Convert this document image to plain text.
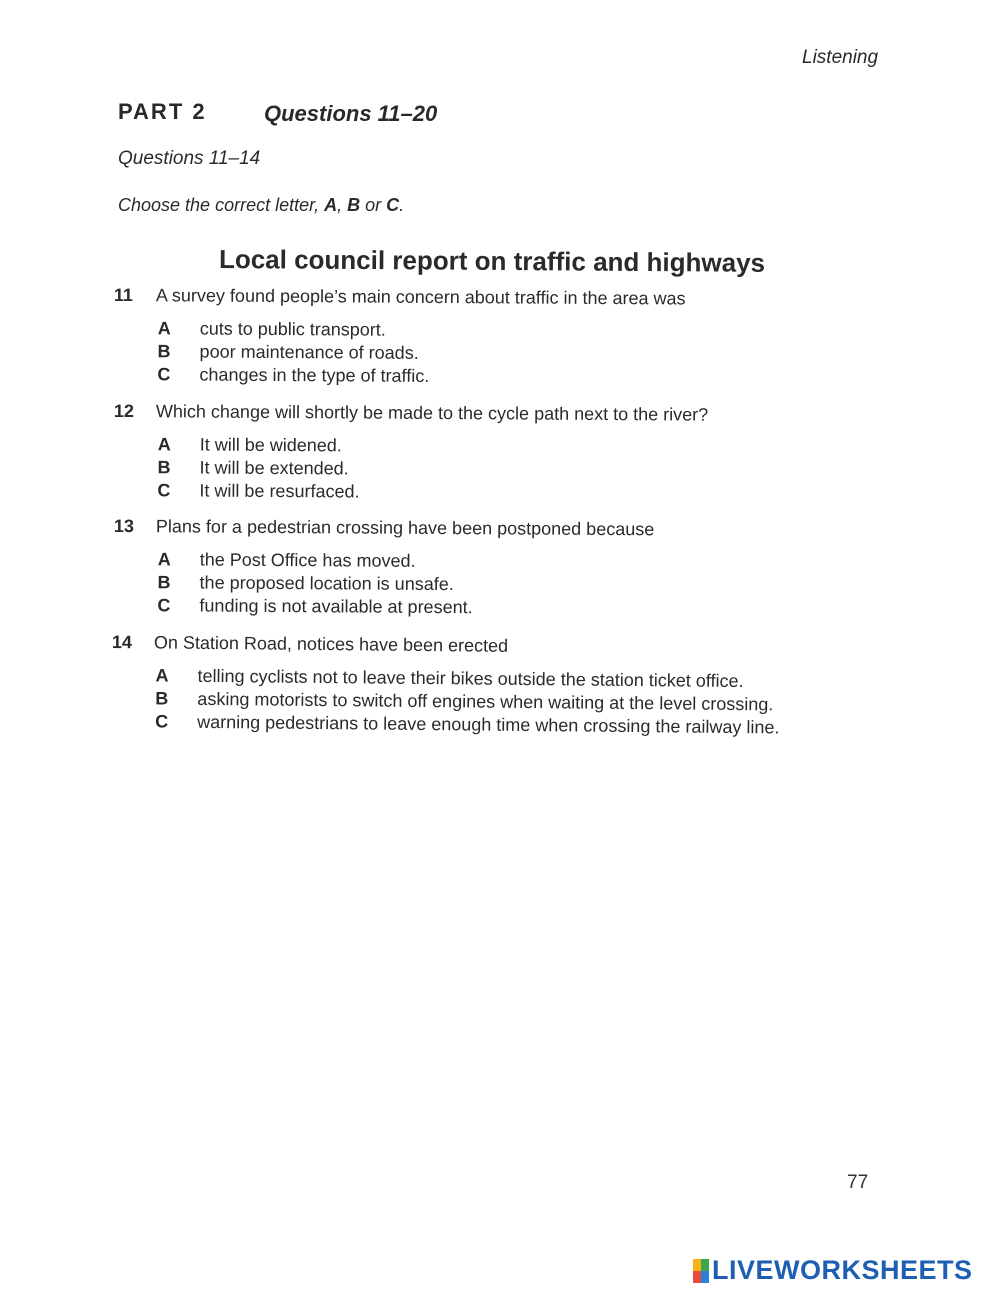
Listening
PART 2	Questions 11–20
Questions 11–14
Choose the correct letter, A, B or C.
Local council report on traffic and highways
11	A survey found people’s main concern about traffic in the area was
A	cuts to public transport.
B	poor maintenance of roads.
C	changes in the type of traffic.
12	Which change will shortly be made to the cycle path next to the river?
A	It will be widened.
B	It will be extended.
C	It will be resurfaced.
13	Plans for a pedestrian crossing have been postponed because
A	the Post Office has moved.
B	the proposed location is unsafe.
C	funding is not available at present.
14	On Station Road, notices have been erected
A	telling cyclists not to leave their bikes outside the station ticket office.
B	asking motorists to switch off engines when waiting at the level crossing.
C	warning pedestrians to leave enough time when crossing the railway line.
77
LIVEWORKSHEETS
